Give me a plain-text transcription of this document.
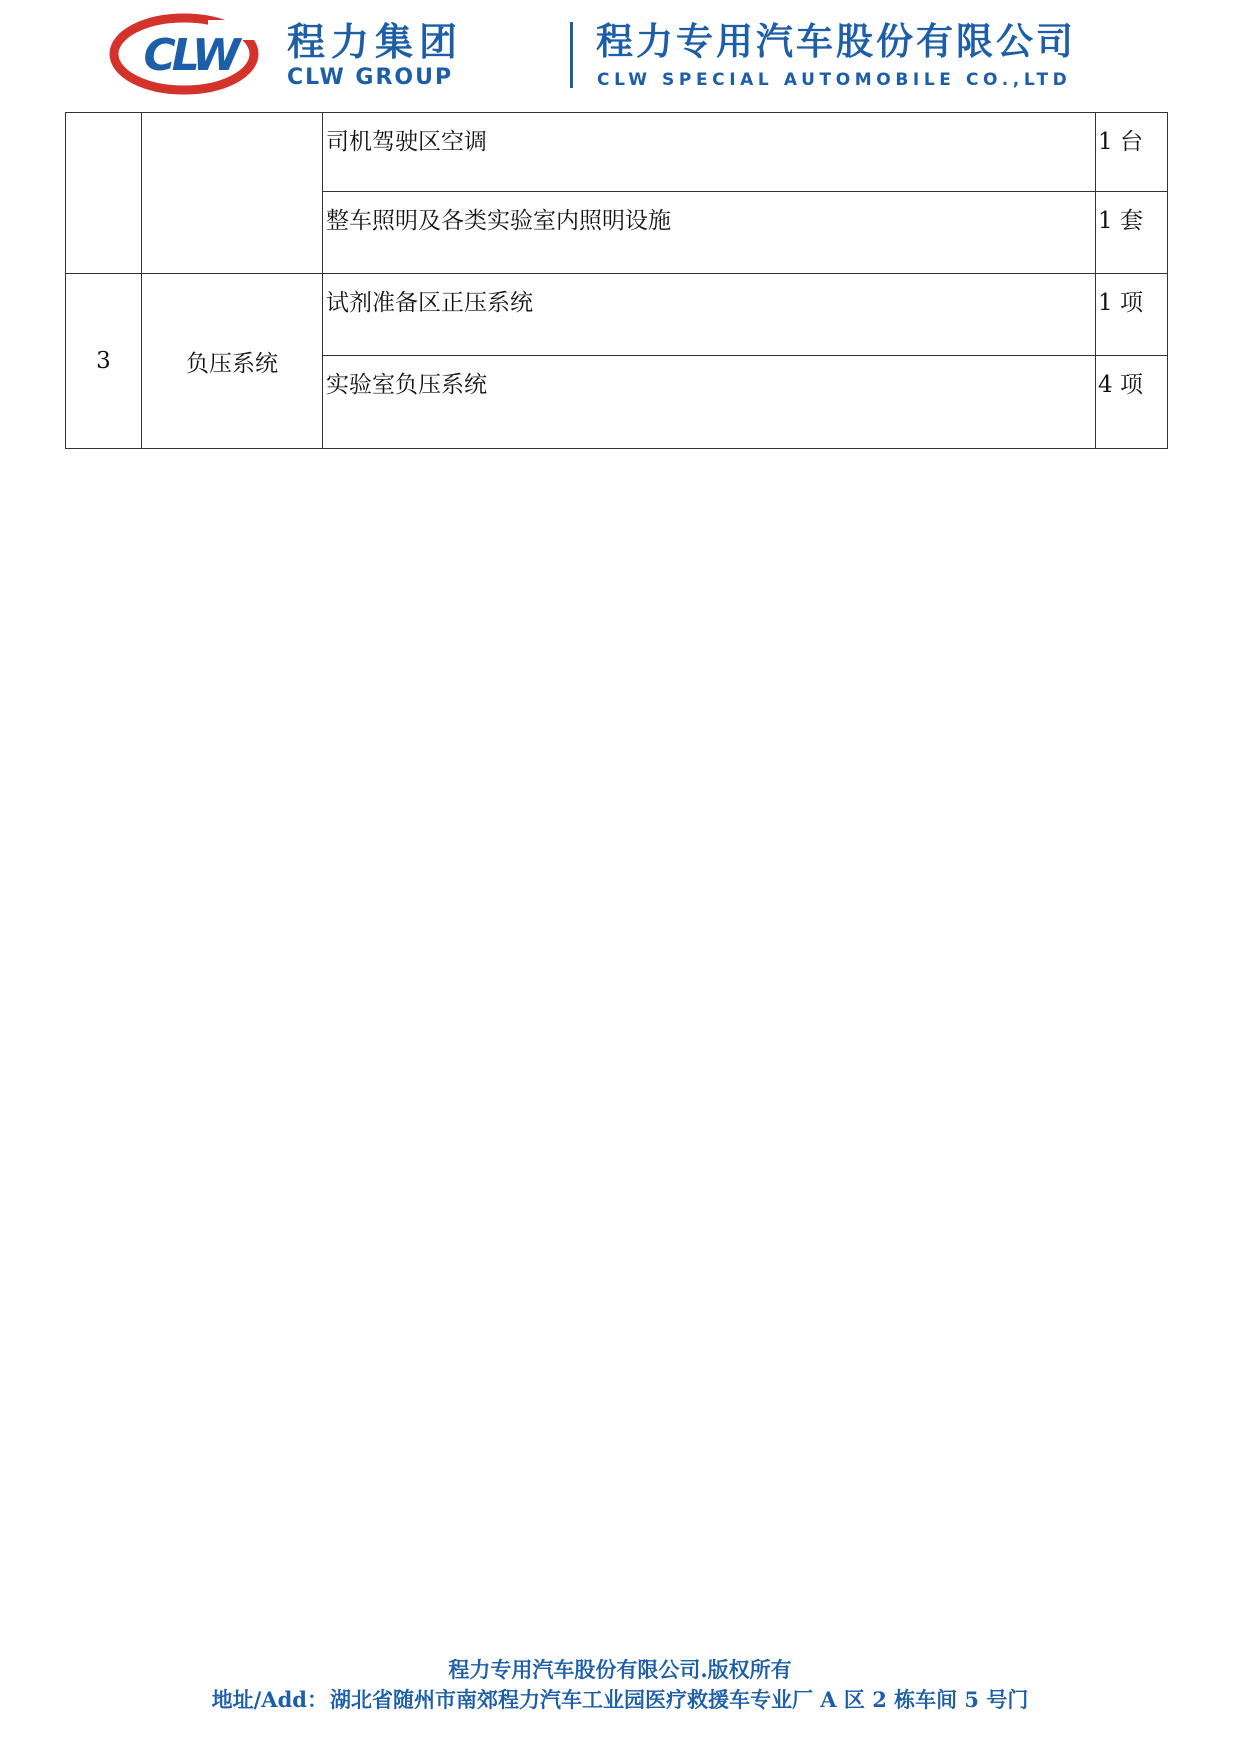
CLW 程力集团
CLW GROUP
程力专用汽车股份有限公司
CLW SPECIAL AUTOMOBILE CO.,LTD
		司机驾驶区空调	1 台
		整车照明及各类实验室内照明设施	1 套
3	负压系统	试剂准备区正压系统	1 项
		实验室负压系统	4 项
程力专用汽车股份有限公司.版权所有
地址/Add：湖北省随州市南郊程力汽车工业园医疗救援车专业厂 A 区 2 栋车间 5 号门
